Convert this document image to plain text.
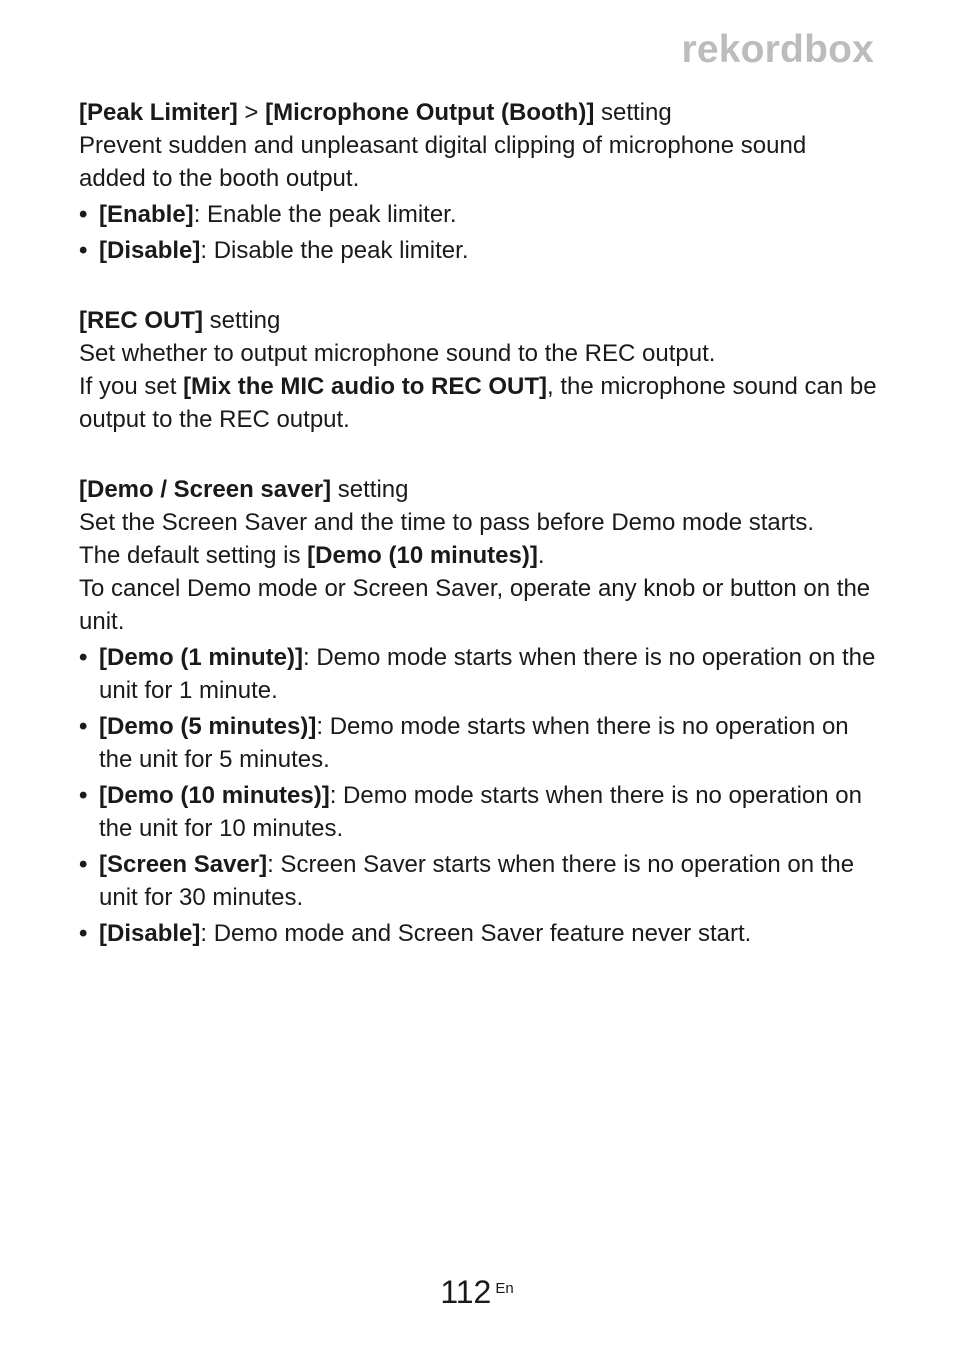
rekordbox

[Peak Limiter] > [Microphone Output (Booth)] setting

Prevent sudden and unpleasant digital clipping of microphone sound added to the booth output.

• [Enable]: Enable the peak limiter.
• [Disable]: Disable the peak limiter.

[REC OUT] setting

Set whether to output microphone sound to the REC output.

If you set [Mix the MIC audio to REC OUT], the microphone sound can be output to the REC output.

[Demo / Screen saver] setting

Set the Screen Saver and the time to pass before Demo mode starts.

The default setting is [Demo (10 minutes)].

To cancel Demo mode or Screen Saver, operate any knob or button on the unit.

• [Demo (1 minute)]: Demo mode starts when there is no operation on the unit for 1 minute.
• [Demo (5 minutes)]: Demo mode starts when there is no operation on the unit for 5 minutes.
• [Demo (10 minutes)]: Demo mode starts when there is no operation on the unit for 10 minutes.
• [Screen Saver]: Screen Saver starts when there is no operation on the unit for 30 minutes.
• [Disable]: Demo mode and Screen Saver feature never start.
112 En
